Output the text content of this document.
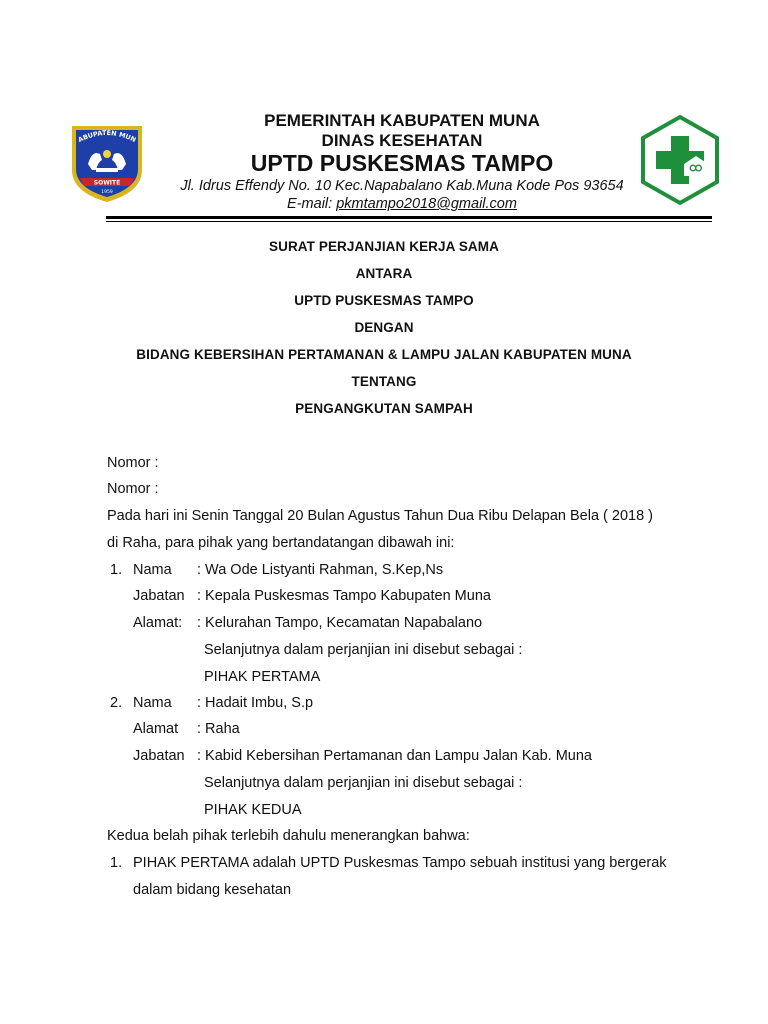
ABUPATEN MUN
SOWITE
1959
PEMERINTAH KABUPATEN MUNA
DINAS KESEHATAN
UPTD PUSKESMAS TAMPO
Jl. Idrus Effendy No. 10 Kec.Napabalano Kab.Muna Kode Pos 93654
E-mail: pkmtampo2018@gmail.com
SURAT PERJANJIAN KERJA SAMA
ANTARA
UPTD PUSKESMAS TAMPO
DENGAN
BIDANG KEBERSIHAN PERTAMANAN & LAMPU JALAN KABUPATEN MUNA
TENTANG
PENGANGKUTAN SAMPAH
Nomor :
Nomor :
Pada hari ini Senin Tanggal 20 Bulan Agustus Tahun Dua Ribu Delapan Bela ( 2018 )
di Raha, para pihak yang bertandatangan dibawah ini:
1. Nama : Wa Ode Listyanti Rahman, S.Kep,Ns
Jabatan : Kepala Puskesmas Tampo Kabupaten Muna
Alamat: : Kelurahan Tampo, Kecamatan Napabalano
Selanjutnya dalam perjanjian ini disebut sebagai :
PIHAK PERTAMA
2. Nama : Hadait Imbu, S.p
Alamat : Raha
Jabatan : Kabid Kebersihan Pertamanan dan Lampu Jalan Kab. Muna
Selanjutnya dalam perjanjian ini disebut sebagai :
PIHAK KEDUA
Kedua belah pihak terlebih dahulu menerangkan bahwa:
1. PIHAK PERTAMA adalah UPTD Puskesmas Tampo sebuah institusi yang bergerak
dalam bidang kesehatan
